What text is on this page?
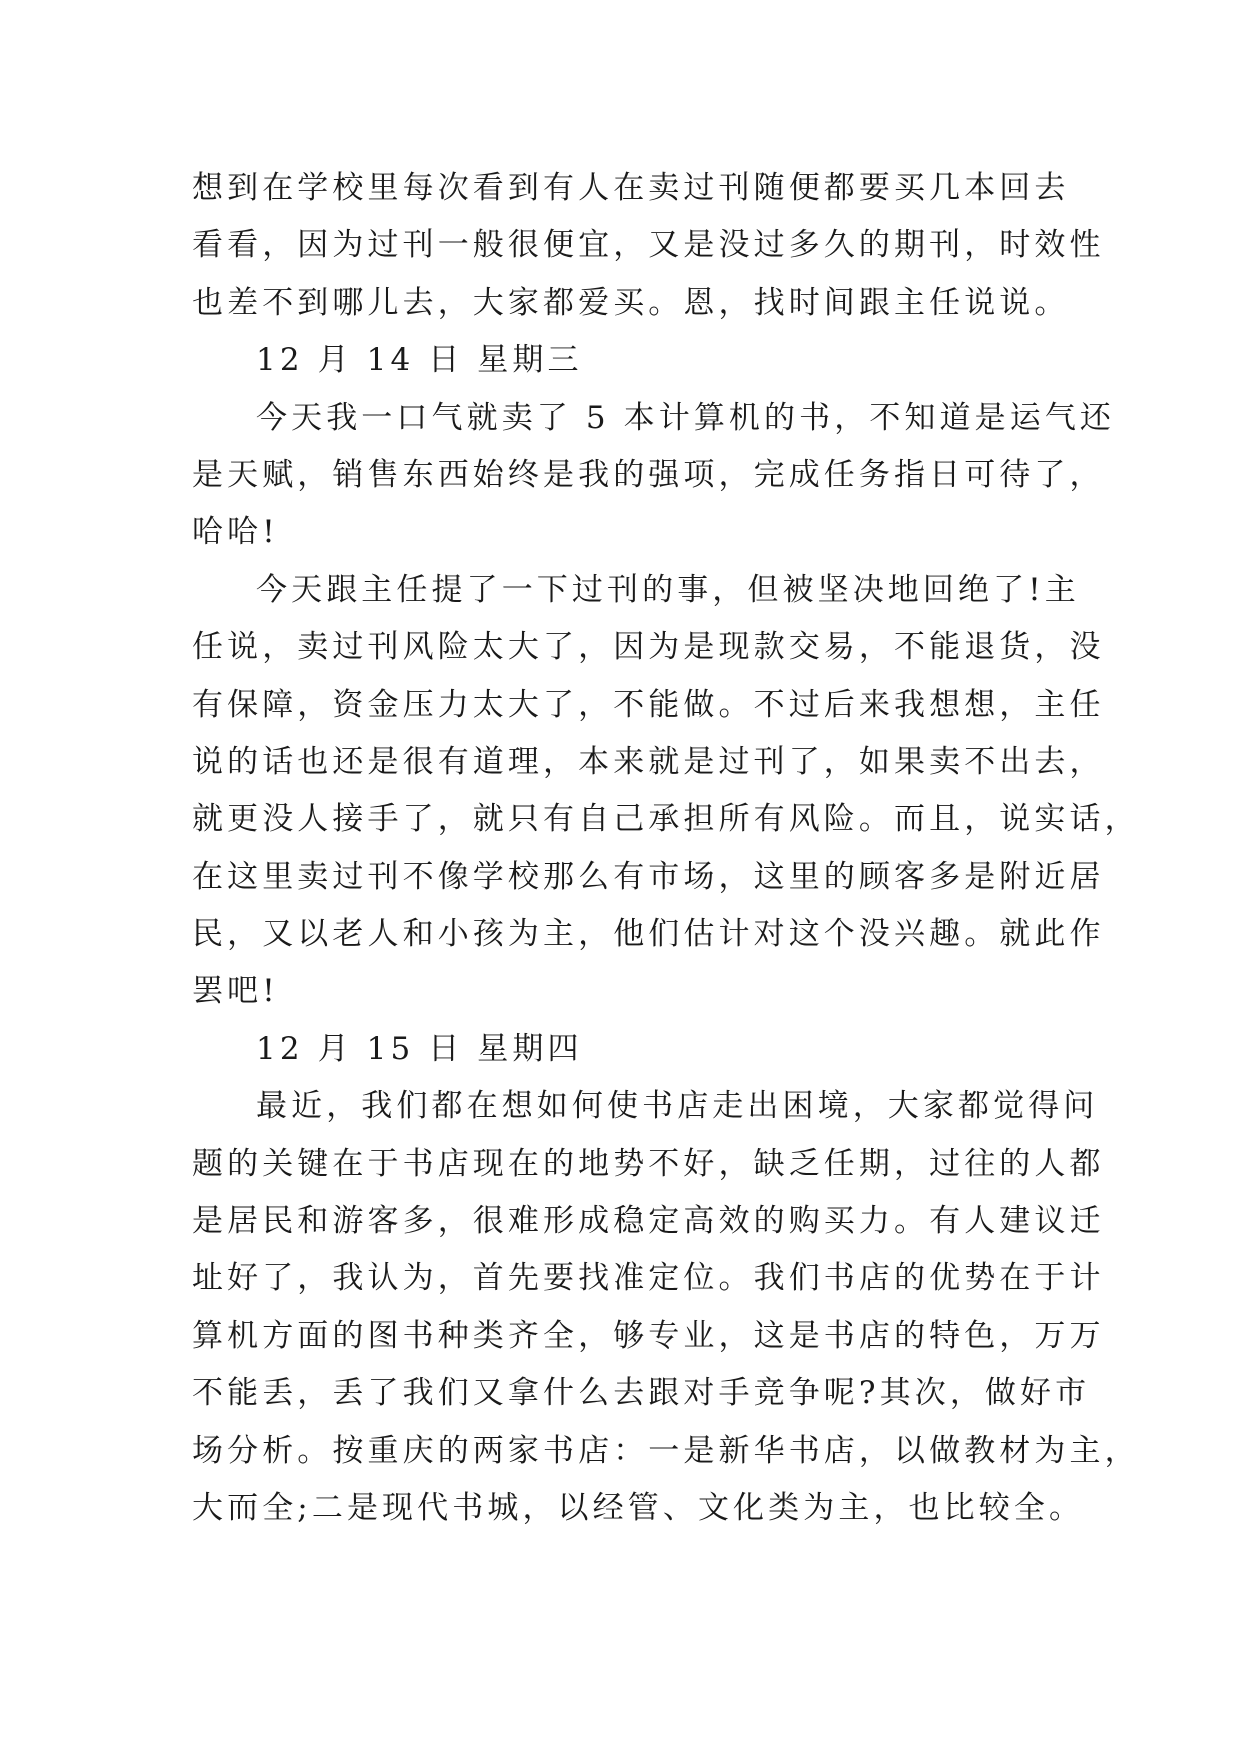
想到在学校里每次看到有人在卖过刊随便都要买几本回去
看看，因为过刊一般很便宜，又是没过多久的期刊，时效性
也差不到哪儿去，大家都爱买。恩，找时间跟主任说说。
12 月 14 日 星期三
今天我一口气就卖了 5 本计算机的书，不知道是运气还
是天赋，销售东西始终是我的强项，完成任务指日可待了，
哈哈!
今天跟主任提了一下过刊的事，但被坚决地回绝了!主
任说，卖过刊风险太大了，因为是现款交易，不能退货，没
有保障，资金压力太大了，不能做。不过后来我想想，主任
说的话也还是很有道理，本来就是过刊了，如果卖不出去，
就更没人接手了，就只有自己承担所有风险。而且，说实话，
在这里卖过刊不像学校那么有市场，这里的顾客多是附近居
民，又以老人和小孩为主，他们估计对这个没兴趣。就此作
罢吧!
12 月 15 日 星期四
最近，我们都在想如何使书店走出困境，大家都觉得问
题的关键在于书店现在的地势不好，缺乏任期，过往的人都
是居民和游客多，很难形成稳定高效的购买力。有人建议迁
址好了，我认为，首先要找准定位。我们书店的优势在于计
算机方面的图书种类齐全，够专业，这是书店的特色，万万
不能丢，丢了我们又拿什么去跟对手竞争呢?其次，做好市
场分析。按重庆的两家书店：一是新华书店，以做教材为主，
大而全;二是现代书城，以经管、文化类为主，也比较全。
